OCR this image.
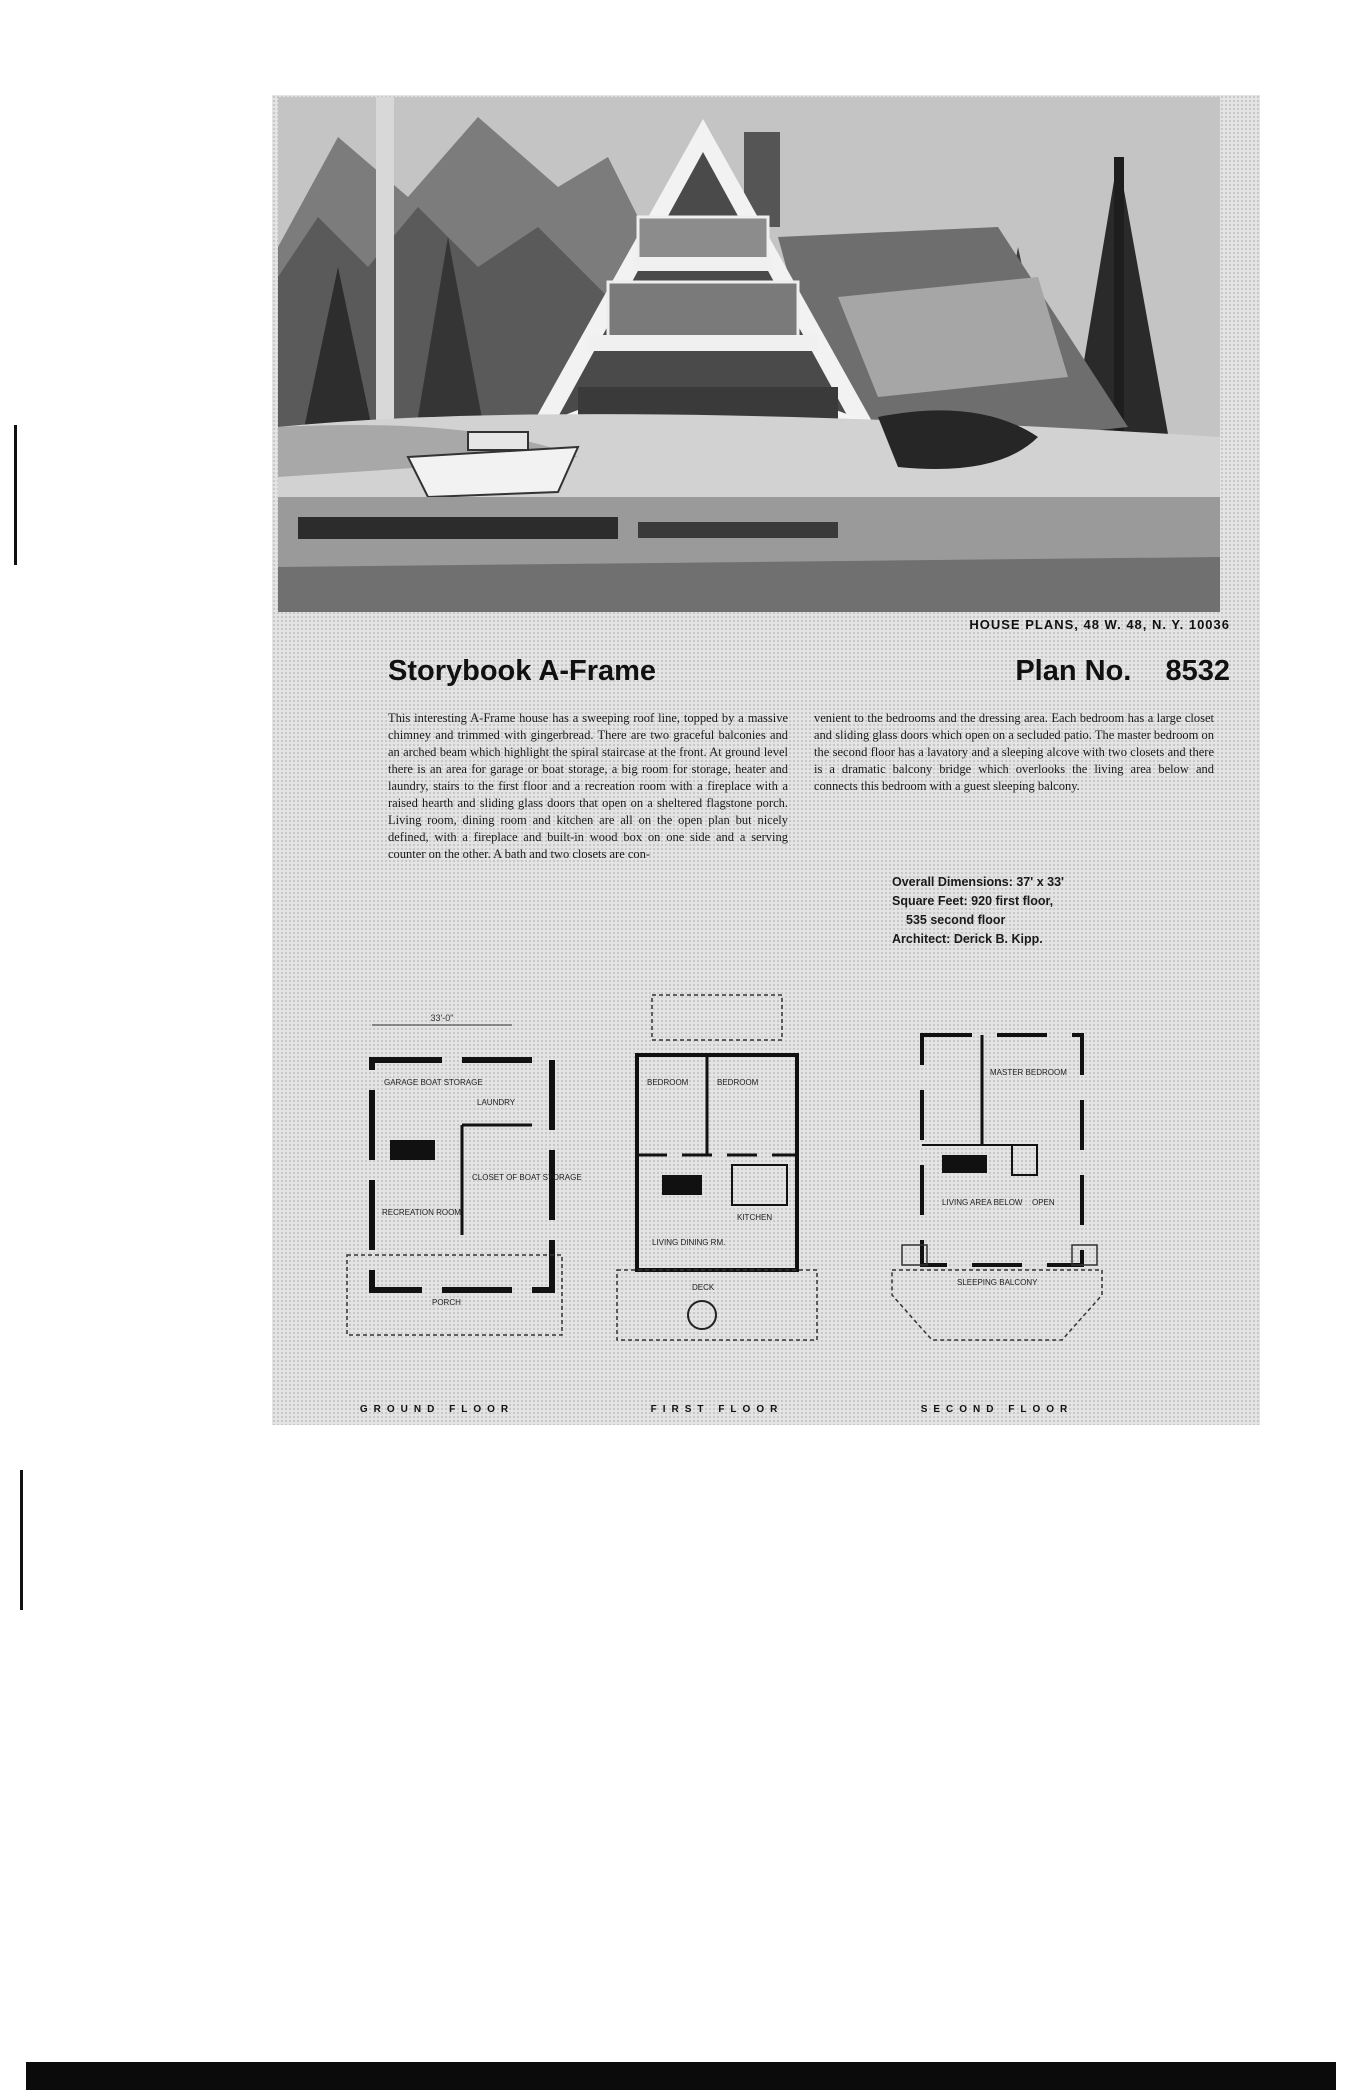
HOUSE PLANS, 48 W. 48, N. Y. 10036
Storybook A-Frame	Plan No. 8532

This interesting A-Frame house has a sweeping roof line, topped by a massive chimney and trimmed with gingerbread. There are two graceful balconies and an arched beam which highlight the spiral staircase at the front. At ground level there is an area for garage or boat storage, a big room for storage, heater and laundry, stairs to the first floor and a recreation room with a fireplace with a raised hearth and sliding glass doors that open on a sheltered flagstone porch. Living room, dining room and kitchen are all on the open plan but nicely defined, with a fireplace and built-in wood box on one side and a serving counter on the other. A bath and two closets are con-

venient to the bedrooms and the dressing area. Each bedroom has a large closet and sliding glass doors which open on a secluded patio. The master bedroom on the second floor has a lavatory and a sleeping alcove with two closets and there is a dramatic balcony bridge which overlooks the living area below and connects this bedroom with a guest sleeping balcony.

Overall Dimensions: 37' x 33'
Square Feet: 920 first floor,
535 second floor
Architect: Derick B. Kipp.
33'-0"
GARAGE BOAT STORAGE
LAUNDRY
CLOSET OF BOAT STORAGE
RECREATION ROOM
PORCH
GROUND FLOOR
BEDROOM	BEDROOM
KITCHEN
LIVING DINING RM.
DECK
FIRST FLOOR
MASTER BEDROOM
LIVING AREA BELOW OPEN
SLEEPING BALCONY
SECOND FLOOR
